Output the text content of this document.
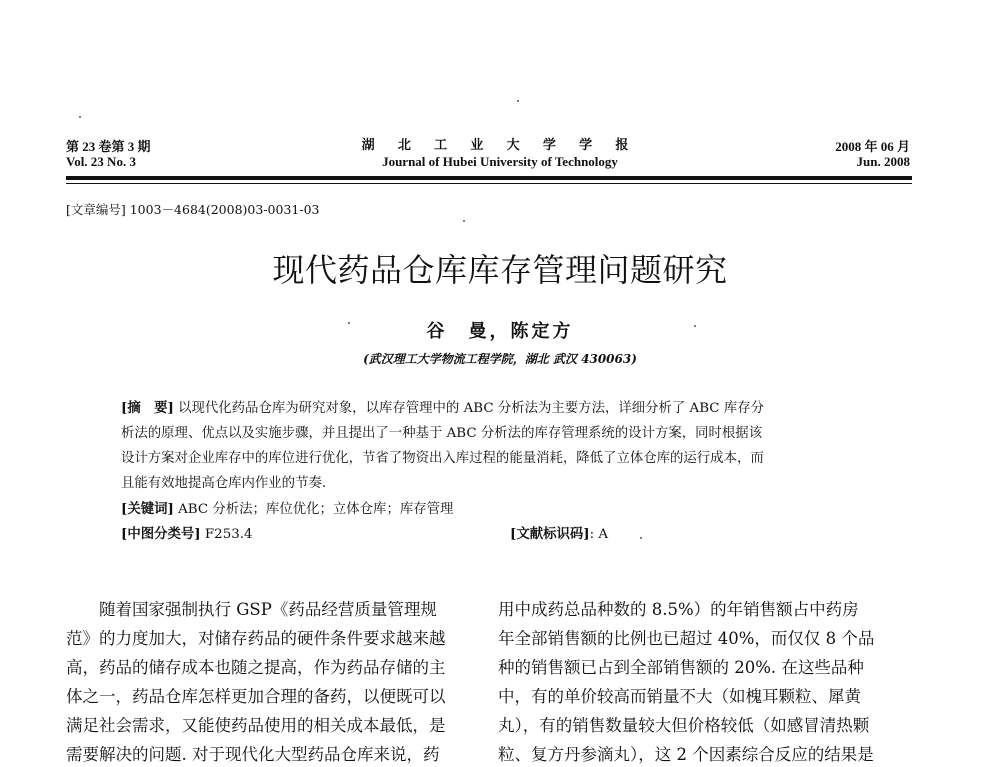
第 23 卷第 3 期
Vol. 23 No. 3
湖 北 工 业 大 学 学 报
Journal of Hubei University of Technology
2008 年 06 月
Jun. 2008
[文章编号] 1003－4684(2008)03-0031-03
现代药品仓库库存管理问题研究
谷　曼，陈定方
(武汉理工大学物流工程学院，湖北 武汉 430063)
[摘　要] 以现代化药品仓库为研究对象，以库存管理中的 ABC 分析法为主要方法，详细分析了 ABC 库存分
析法的原理、优点以及实施步骤，并且提出了一种基于 ABC 分析法的库存管理系统的设计方案，同时根据该
设计方案对企业库存中的库位进行优化，节省了物资出入库过程的能量消耗，降低了立体仓库的运行成本，而
且能有效地提高仓库内作业的节奏.
[关键词] ABC 分析法；库位优化；立体仓库；库存管理
[中图分类号] F253.4	[文献标识码]: A
　　随着国家强制执行 GSP《药品经营质量管理规
范》的力度加大，对储存药品的硬件条件要求越来越
高，药品的储存成本也随之提高，作为药品存储的主
体之一，药品仓库怎样更加合理的备药，以便既可以
满足社会需求，又能使药品使用的相关成本最低，是
需要解决的问题. 对于现代化大型药品仓库来说，药
用中成药总品种数的 8.5%）的年销售额占中药房
年全部销售额的比例也已超过 40%，而仅仅 8 个品
种的销售额已占到全部销售额的 20%. 在这些品种
中，有的单价较高而销量不大（如槐耳颗粒、犀黄
丸），有的销售数量较大但价格较低（如感冒清热颗
粒、复方丹参滴丸），这 2 个因素综合反应的结果是
